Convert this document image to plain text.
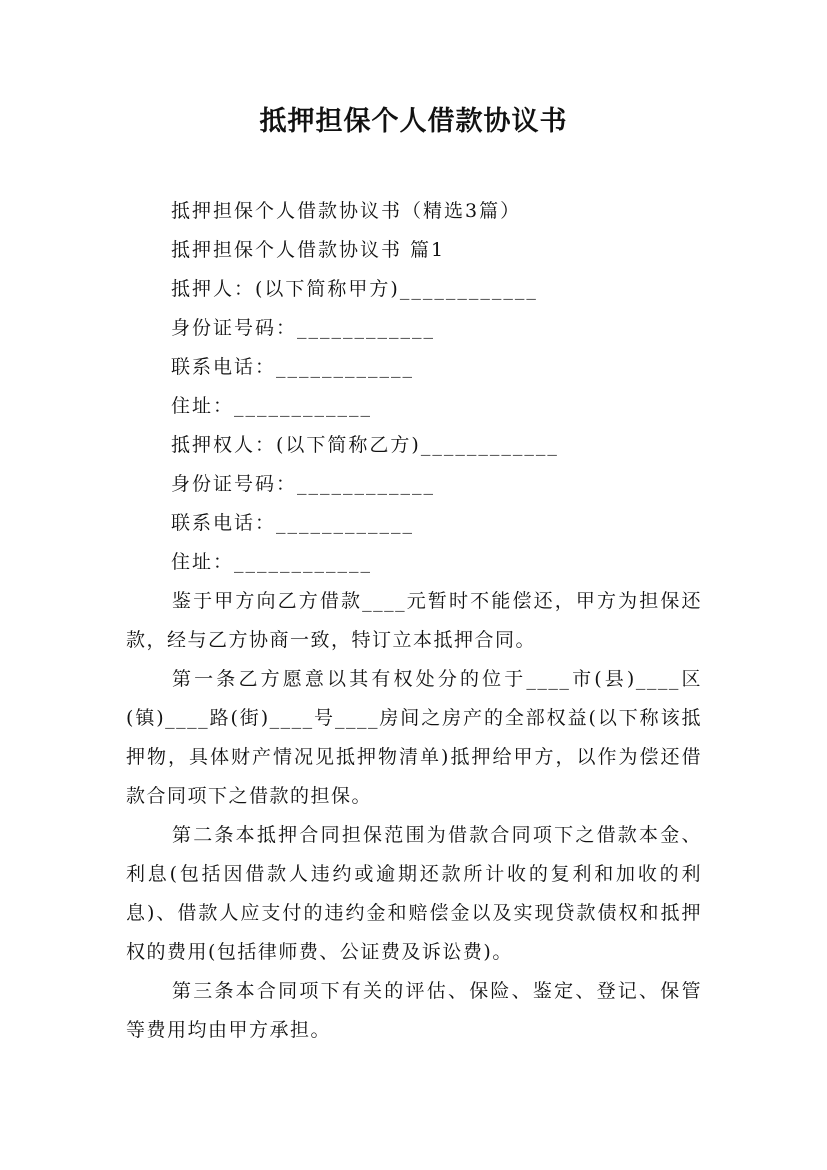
抵押担保个人借款协议书
抵押担保个人借款协议书（精选3篇）
抵押担保个人借款协议书 篇1
抵押人：(以下简称甲方)____________
身份证号码：____________
联系电话：____________
住址：____________
抵押权人：(以下简称乙方)____________
身份证号码：____________
联系电话：____________
住址：____________
鉴于甲方向乙方借款____元暂时不能偿还，甲方为担保还款，经与乙方协商一致，特订立本抵押合同。
第一条乙方愿意以其有权处分的位于____市(县)____区(镇)____路(街)____号____房间之房产的全部权益(以下称该抵押物，具体财产情况见抵押物清单)抵押给甲方，以作为偿还借款合同项下之借款的担保。
第二条本抵押合同担保范围为借款合同项下之借款本金、利息(包括因借款人违约或逾期还款所计收的复利和加收的利息)、借款人应支付的违约金和赔偿金以及实现贷款债权和抵押权的费用(包括律师费、公证费及诉讼费)。
第三条本合同项下有关的评估、保险、鉴定、登记、保管等费用均由甲方承担。
